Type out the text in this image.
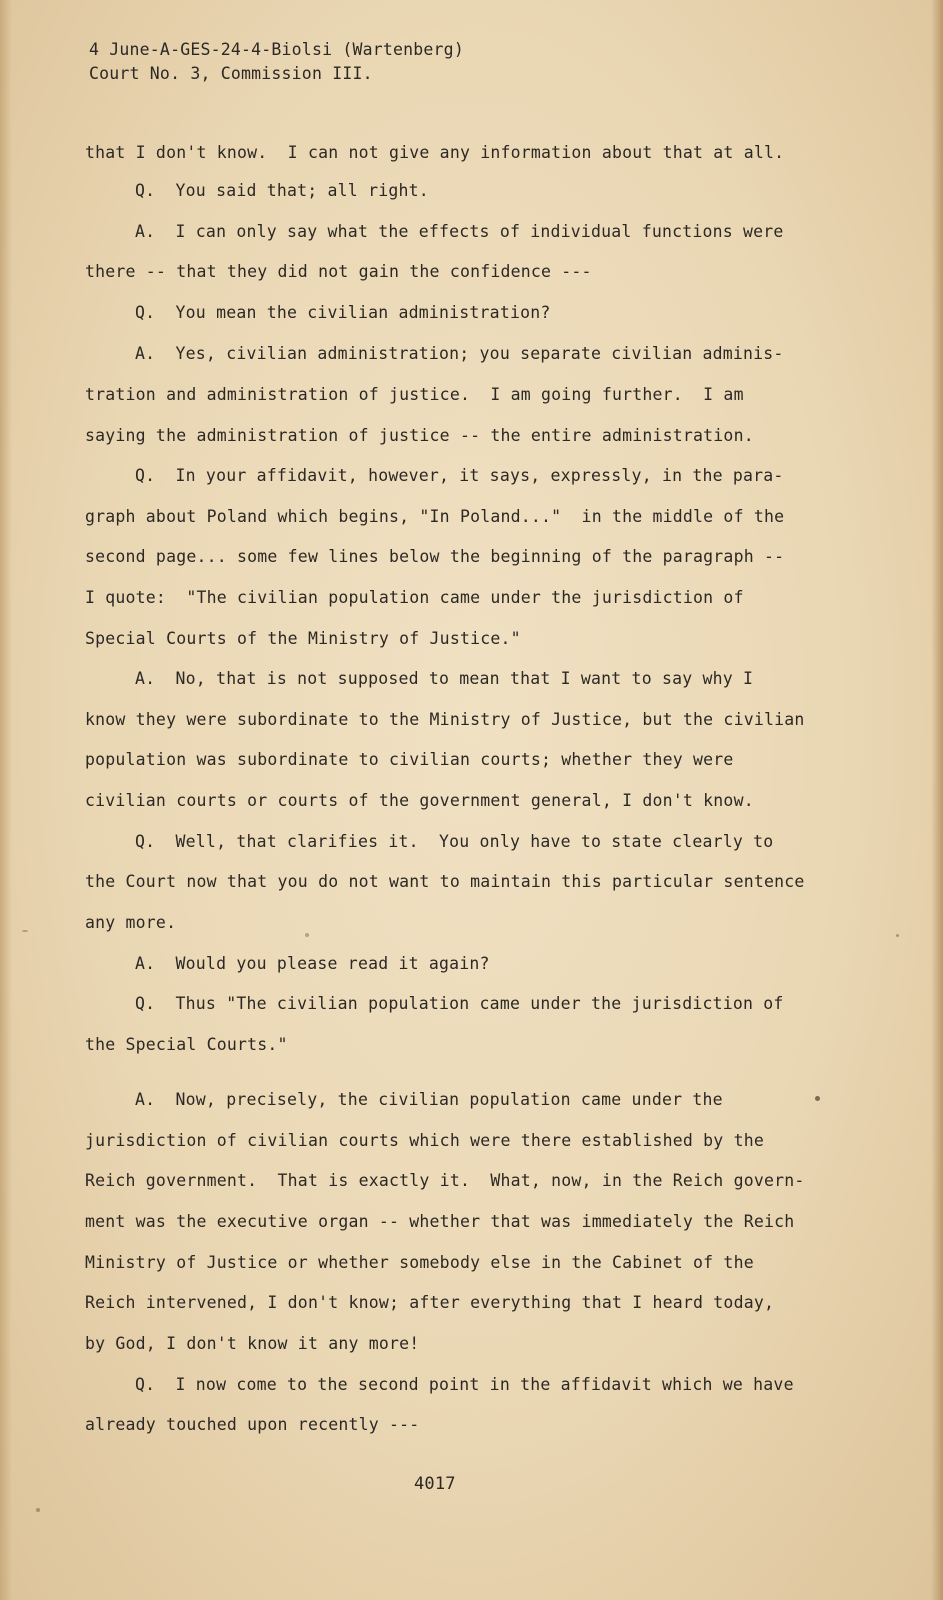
4 June-A-GES-24-4-Biolsi (Wartenberg)
Court No. 3, Commission III.
that I don't know.  I can not give any information about that at all.
Q.  You said that; all right.
A.  I can only say what the effects of individual functions were
there -- that they did not gain the confidence ---
Q.  You mean the civilian administration?
A.  Yes, civilian administration; you separate civilian adminis-
tration and administration of justice.  I am going further.  I am
saying the administration of justice -- the entire administration.
Q.  In your affidavit, however, it says, expressly, in the para-
graph about Poland which begins, "In Poland..."  in the middle of the
second page... some few lines below the beginning of the paragraph --
I quote:  "The civilian population came under the jurisdiction of
Special Courts of the Ministry of Justice."
A.  No, that is not supposed to mean that I want to say why I
know they were subordinate to the Ministry of Justice, but the civilian
population was subordinate to civilian courts; whether they were
civilian courts or courts of the government general, I don't know.
Q.  Well, that clarifies it.  You only have to state clearly to
the Court now that you do not want to maintain this particular sentence
any more.
A.  Would you please read it again?
Q.  Thus "The civilian population came under the jurisdiction of
the Special Courts."
A.  Now, precisely, the civilian population came under the
jurisdiction of civilian courts which were there established by the
Reich government.  That is exactly it.  What, now, in the Reich govern-
ment was the executive organ -- whether that was immediately the Reich
Ministry of Justice or whether somebody else in the Cabinet of the
Reich intervened, I don't know; after everything that I heard today,
by God, I don't know it any more!
Q.  I now come to the second point in the affidavit which we have
already touched upon recently ---
4017
